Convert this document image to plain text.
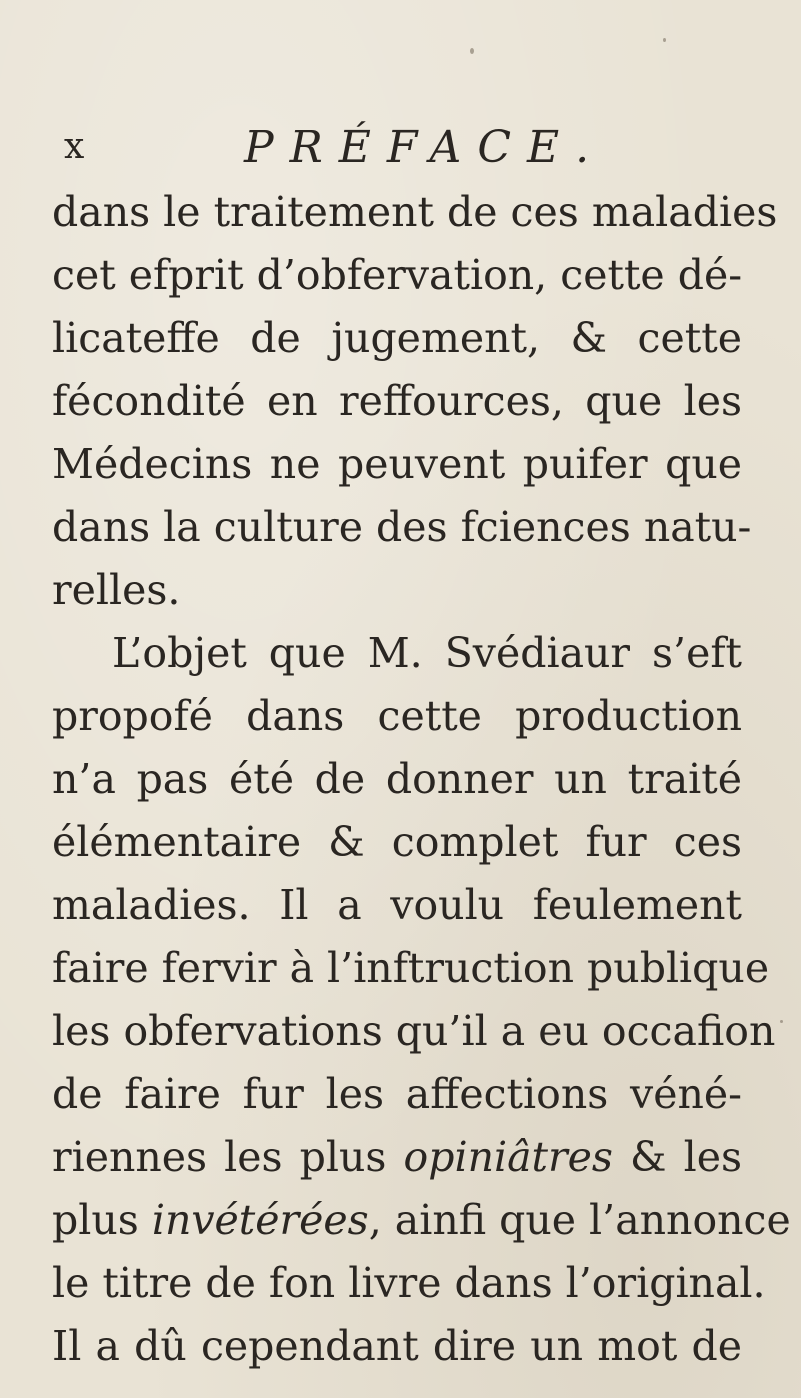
x	PRÉFACE.
dans le traitement de ces maladies
cet efprit d’obfervation, cette dé-
licateffe de jugement, & cette
fécondité en reffources, que les
Médecins ne peuvent puifer que
dans la culture des fciences natu-
relles.
L’objet que M. Svédiaur s’eft
propofé dans cette production
n’a pas été de donner un traité
élémentaire & complet fur ces
maladies. Il a voulu feulement
faire fervir à l’inftruction publique
les obfervations qu’il a eu occafion
de faire fur les affections véné-
riennes les plus opiniâtres & les
plus invétérées, ainfi que l’annonce
le titre de fon livre dans l’original.
Il a dû cependant dire un mot de
